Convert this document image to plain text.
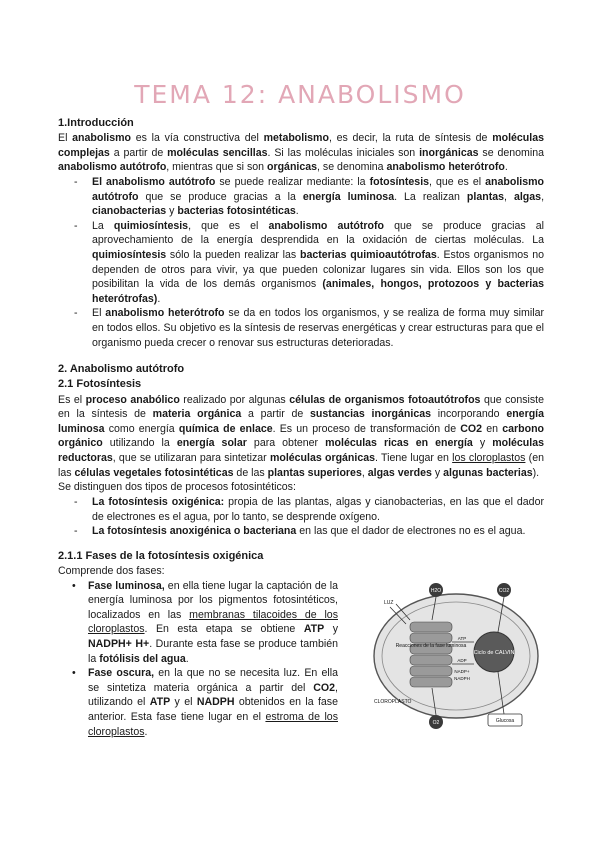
TEMA 12: ANABOLISMO
1.Introducción

El anabolismo es la vía constructiva del metabolismo, es decir, la ruta de síntesis de moléculas complejas a partir de moléculas sencillas. Si las moléculas iniciales son inorgánicas se denomina anabolismo autótrofo, mientras que si son orgánicas, se denomina anabolismo heterótrofo.

- El anabolismo autótrofo se puede realizar mediante: la fotosíntesis, que es el anabolismo autótrofo que se produce gracias a la energía luminosa. La realizan plantas, algas, cianobacterias y bacterias fotosintéticas.
- La quimiosíntesis, que es el anabolismo autótrofo que se produce gracias al aprovechamiento de la energía desprendida en la oxidación de ciertas moléculas. La quimiosíntesis sólo la pueden realizar las bacterias quimioautótrofas. Estos organismos no dependen de otros para vivir, ya que pueden colonizar lugares sin vida. Ellos son los que posibilitan la vida de los demás organismos (animales, hongos, protozoos y bacterias heterótrofas).
- El anabolismo heterótrofo se da en todos los organismos, y se realiza de forma muy similar en todos ellos. Su objetivo es la síntesis de reservas energéticas y crear estructuras para que el organismo pueda crecer o renovar sus estructuras deterioradas.
2. Anabolismo autótrofo
2.1 Fotosíntesis

Es el proceso anabólico realizado por algunas células de organismos fotoautótrofos que consiste en la síntesis de materia orgánica a partir de sustancias inorgánicas incorporando energía luminosa como energía química de enlace. Es un proceso de transformación de CO2 en carbono orgánico utilizando la energía solar para obtener moléculas ricas en energía y moléculas reductoras, que se utilizaran para sintetizar moléculas orgánicas. Tiene lugar en los cloroplastos (en las células vegetales fotosintéticas de las plantas superiores, algas verdes y algunas bacterias).

Se distinguen dos tipos de procesos fotosintéticos:

- La fotosíntesis oxigénica: propia de las plantas, algas y cianobacterias, en las que el dador de electrones es el agua, por lo tanto, se desprende oxígeno.
- La fotosíntesis anoxigénica o bacteriana en las que el dador de electrones no es el agua.
2.1.1 Fases de la fotosíntesis oxigénica

Comprende dos fases:

• Fase luminosa, en ella tiene lugar la captación de la energía luminosa por los pigmentos fotosintéticos, localizados en las membranas tilacoides de los cloroplastos. En esta etapa se obtiene ATP y NADPH+ H+. Durante esta fase se produce también la fotólisis del agua.
• Fase oscura, en la que no se necesita luz. En ella se sintetiza materia orgánica a partir del CO2, utilizando el ATP y el NADPH obtenidos en la fase anterior. Esta fase tiene lugar en el estroma de los cloroplastos.
Reacciones de la fase luminosa
Ciclo de CALVIN
ATP
ADP
NADP+
NADPH
H2O	CO2
LUZ
CLOROPLASTO
O2	Glucosa
